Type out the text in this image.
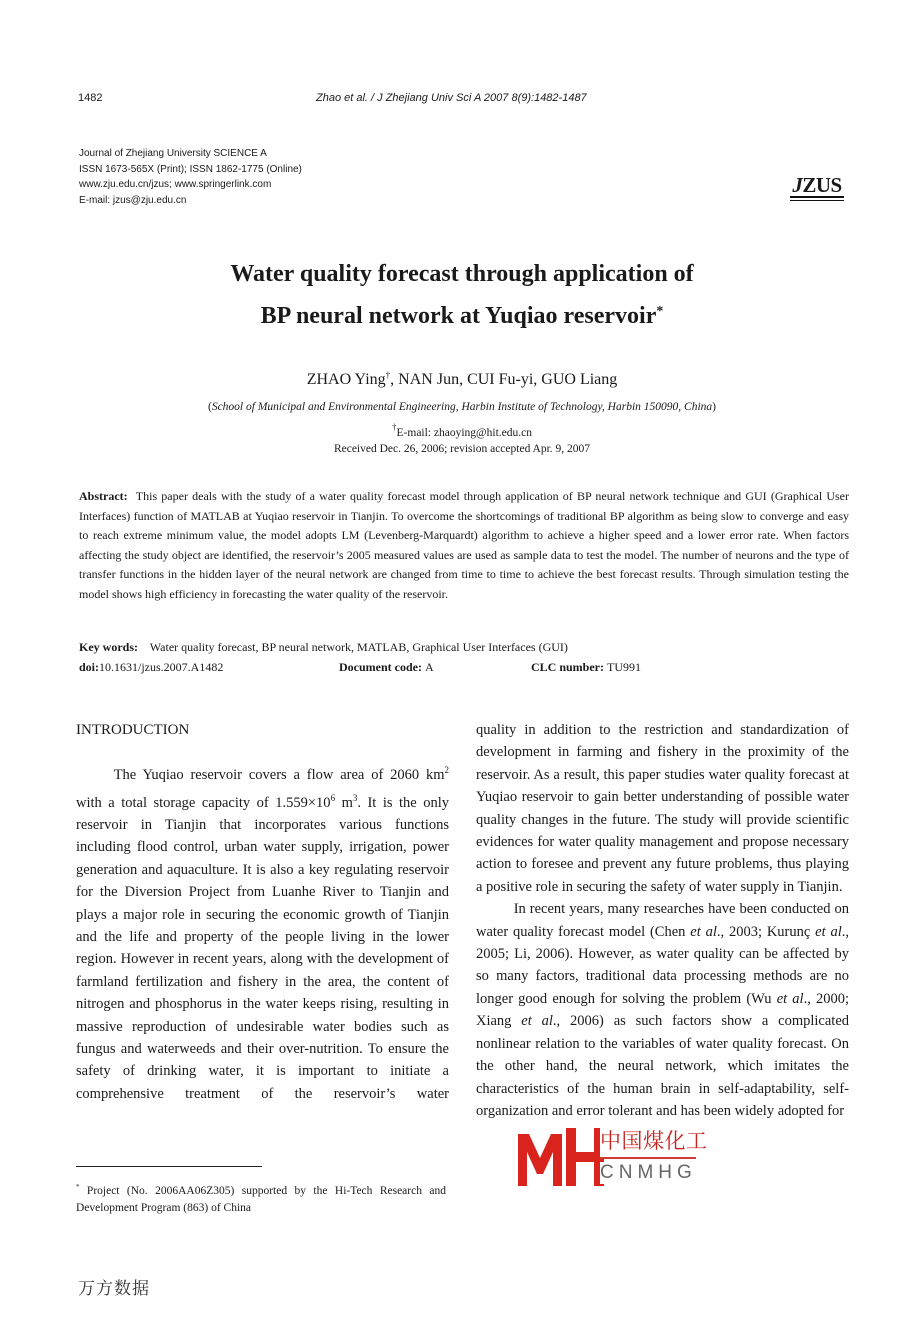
1482	Zhao et al. / J Zhejiang Univ Sci A 2007 8(9):1482-1487
Journal of Zhejiang University SCIENCE A
ISSN 1673-565X (Print); ISSN 1862-1775 (Online)
www.zju.edu.cn/jzus; www.springerlink.com
E-mail: jzus@zju.edu.cn
JZUS
Water quality forecast through application of
BP neural network at Yuqiao reservoir*
ZHAO Ying†, NAN Jun, CUI Fu-yi, GUO Liang
(School of Municipal and Environmental Engineering, Harbin Institute of Technology, Harbin 150090, China)
†E-mail: zhaoying@hit.edu.cn
Received Dec. 26, 2006; revision accepted Apr. 9, 2007
Abstract: This paper deals with the study of a water quality forecast model through application of BP neural network technique and GUI (Graphical User Interfaces) function of MATLAB at Yuqiao reservoir in Tianjin. To overcome the shortcomings of traditional BP algorithm as being slow to converge and easy to reach extreme minimum value, the model adopts LM (Levenberg-Marquardt) algorithm to achieve a higher speed and a lower error rate. When factors affecting the study object are identified, the reservoir’s 2005 measured values are used as sample data to test the model. The number of neurons and the type of transfer functions in the hidden layer of the neural network are changed from time to time to achieve the best forecast results. Through simulation testing the model shows high efficiency in forecasting the water quality of the reservoir.
Key words: Water quality forecast, BP neural network, MATLAB, Graphical User Interfaces (GUI)
doi: 10.1631/jzus.2007.A1482	Document code: A	CLC number: TU991
INTRODUCTION

The Yuqiao reservoir covers a flow area of 2060 $km^2$ with a total storage capacity of $1.559\times 10^6$ $m^3$. It is the only reservoir in Tianjin that incorporates various functions including flood control, urban water supply, irrigation, power generation and aquaculture. It is also a key regulating reservoir for the Diversion Project from Luanhe River to Tianjin and plays a major role in securing the economic growth of Tianjin and the life and property of the people living in the lower region. However in recent years, along with the development of farmland fertilization and fishery in the area, the content of nitrogen and phosphorus in the water keeps rising, resulting in massive reproduction of undesirable water bodies such as fungus and waterweeds and their over-nutrition. To ensure the safety of drinking water, it is important to initiate a comprehensive treatment of the reservoir’s water

quality in addition to the restriction and standardization of development in farming and fishery in the proximity of the reservoir. As a result, this paper studies water quality forecast at Yuqiao reservoir to gain better understanding of possible water quality changes in the future. The study will provide scientific evidences for water quality management and propose necessary action to foresee and prevent any future problems, thus playing a positive role in securing the safety of water supply in Tianjin.

In recent years, many researches have been conducted on water quality forecast model (Chen et al., 2003; Kurunç et al., 2005; Li, 2006). However, as water quality can be affected by so many factors, traditional data processing methods are no longer good enough for solving the problem (Wu et al., 2000; Xiang et al., 2006) as such factors show a complicated nonlinear relation to the variables of water quality forecast. On the other hand, the neural network, which imitates the characteristics of the human brain in self-adaptability, self-organization and error tolerant and has been widely adopted for

* Project (No. 2006AA06Z305) supported by the Hi-Tech Research and Development Program (863) of China
中国煤化工
CNMHG
万方数据
